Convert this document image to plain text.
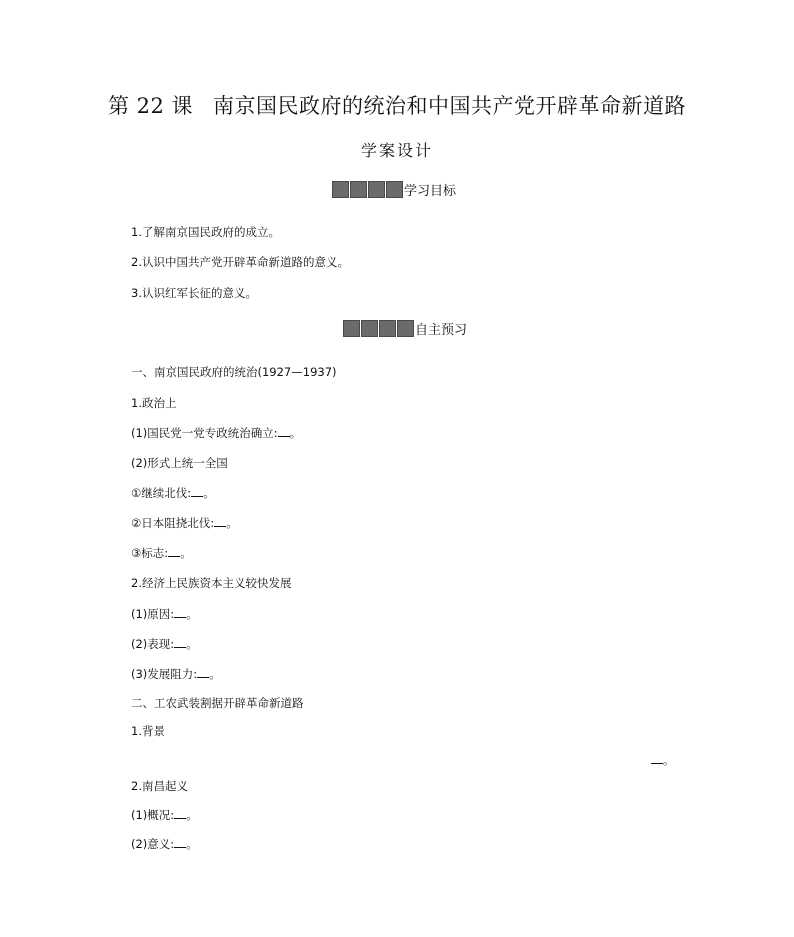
第 22 课 南京国民政府的统治和中国共产党开辟革命新道路
学案设计
学习目标
1.了解南京国民政府的成立。
2.认识中国共产党开辟革命新道路的意义。
3.认识红军长征的意义。
自主预习
一、南京国民政府的统治(1927—1937)
1.政治上
(1)国民党一党专政统治确立: 。
(2)形式上统一全国
①继续北伐: 。
②日本阻挠北伐: 。
③标志: 。
2.经济上民族资本主义较快发展
(1)原因: 。
(2)表现: 。
(3)发展阻力: 。
二、工农武装割据开辟革命新道路
1.背景
。
2.南昌起义
(1)概况: 。
(2)意义: 。
